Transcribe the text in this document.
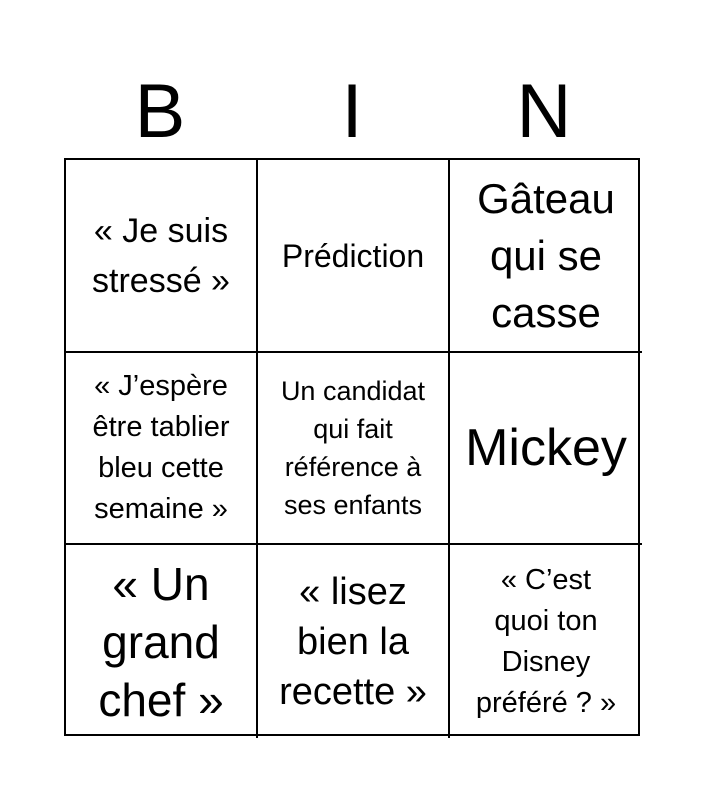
B	I	N
« Je suis
stressé »
Prédiction
Gâteau
qui se
casse
« J’espère
être tablier
bleu cette
semaine »
Un candidat
qui fait
référence à
ses enfants
Mickey
« Un
grand
chef »
« lisez
bien la
recette »
« C’est
quoi ton
Disney
préféré ? »
